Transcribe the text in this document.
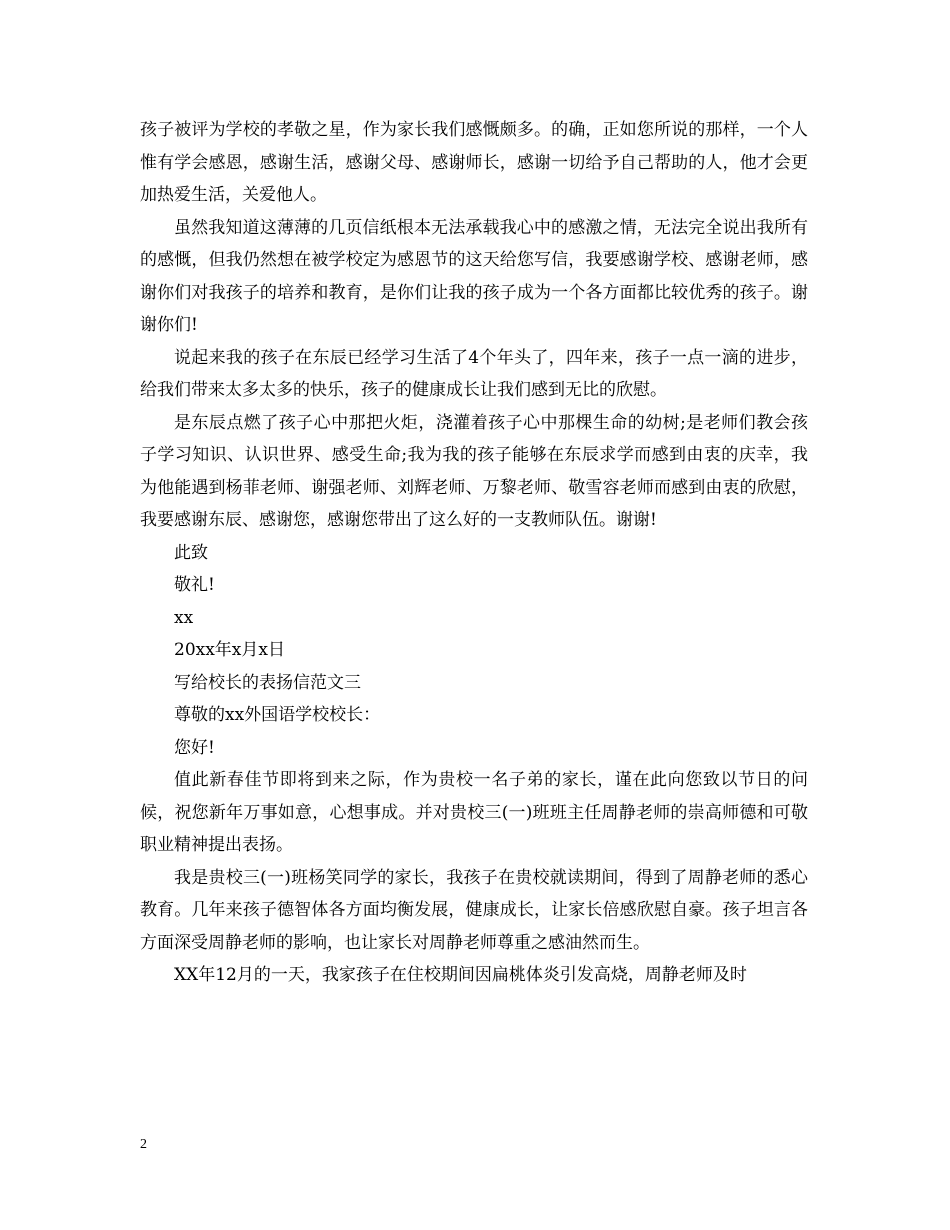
孩子被评为学校的孝敬之星，作为家长我们感慨颇多。的确，正如您所说的那样，一个人惟有学会感恩，感谢生活，感谢父母、感谢师长，感谢一切给予自己帮助的人，他才会更加热爱生活，关爱他人。

虽然我知道这薄薄的几页信纸根本无法承载我心中的感激之情，无法完全说出我所有的感慨，但我仍然想在被学校定为感恩节的这天给您写信，我要感谢学校、感谢老师，感谢你们对我孩子的培养和教育，是你们让我的孩子成为一个各方面都比较优秀的孩子。谢谢你们!

说起来我的孩子在东辰已经学习生活了4个年头了，四年来，孩子一点一滴的进步，给我们带来太多太多的快乐，孩子的健康成长让我们感到无比的欣慰。

是东辰点燃了孩子心中那把火炬，浇灌着孩子心中那棵生命的幼树;是老师们教会孩子学习知识、认识世界、感受生命;我为我的孩子能够在东辰求学而感到由衷的庆幸，我为他能遇到杨菲老师、谢强老师、刘辉老师、万黎老师、敬雪容老师而感到由衷的欣慰，我要感谢东辰、感谢您，感谢您带出了这么好的一支教师队伍。谢谢!

此致

敬礼!

xx

20xx年x月x日

写给校长的表扬信范文三

尊敬的xx外国语学校校长：

您好!

值此新春佳节即将到来之际，作为贵校一名子弟的家长，谨在此向您致以节日的问候，祝您新年万事如意，心想事成。并对贵校三(一)班班主任周静老师的崇高师德和可敬职业精神提出表扬。

我是贵校三(一)班杨笑同学的家长，我孩子在贵校就读期间，得到了周静老师的悉心教育。几年来孩子德智体各方面均衡发展，健康成长，让家长倍感欣慰自豪。孩子坦言各方面深受周静老师的影响，也让家长对周静老师尊重之感油然而生。

XX年12月的一天，我家孩子在住校期间因扁桃体炎引发高烧，周静老师及时

2
